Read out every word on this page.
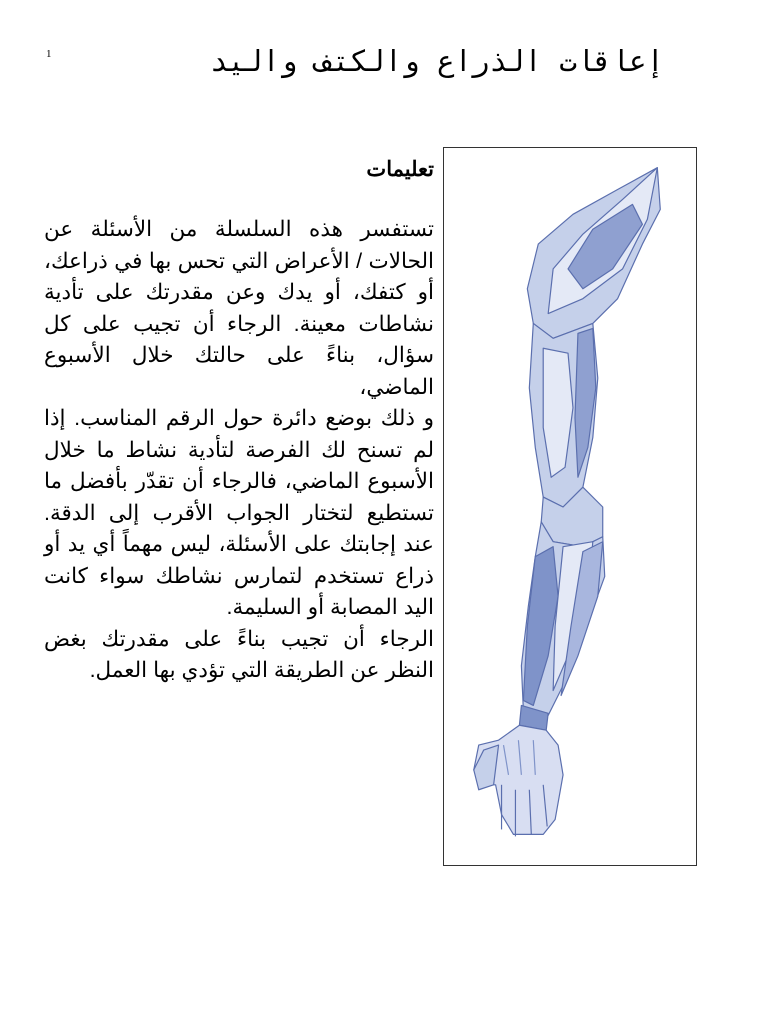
1	إعاقات الذراع والكتف واليد
تعليمات

تستفسر هذه السلسلة من الأسئلة عن الحالات / الأعراض التي تحس بها في ذراعك، أو كتفك، أو يدك وعن مقدرتك على تأدية نشاطات معينة. الرجاء أن تجيب على كل سؤال، بناءً على حالتك خلال الأسبوع الماضي،

و ذلك بوضع دائرة حول الرقم المناسب. إذا لم تسنح لك الفرصة لتأدية نشاط ما خلال الأسبوع الماضي، فالرجاء أن تقدّر بأفضل ما تستطيع لتختار الجواب الأقرب إلى الدقة. عند إجابتك على الأسئلة، ليس مهماً أي يد أو ذراع تستخدم لتمارس نشاطك سواء كانت اليد المصابة أو السليمة.

الرجاء أن تجيب بناءً على مقدرتك بغض النظر عن الطريقة التي تؤدي بها العمل.
